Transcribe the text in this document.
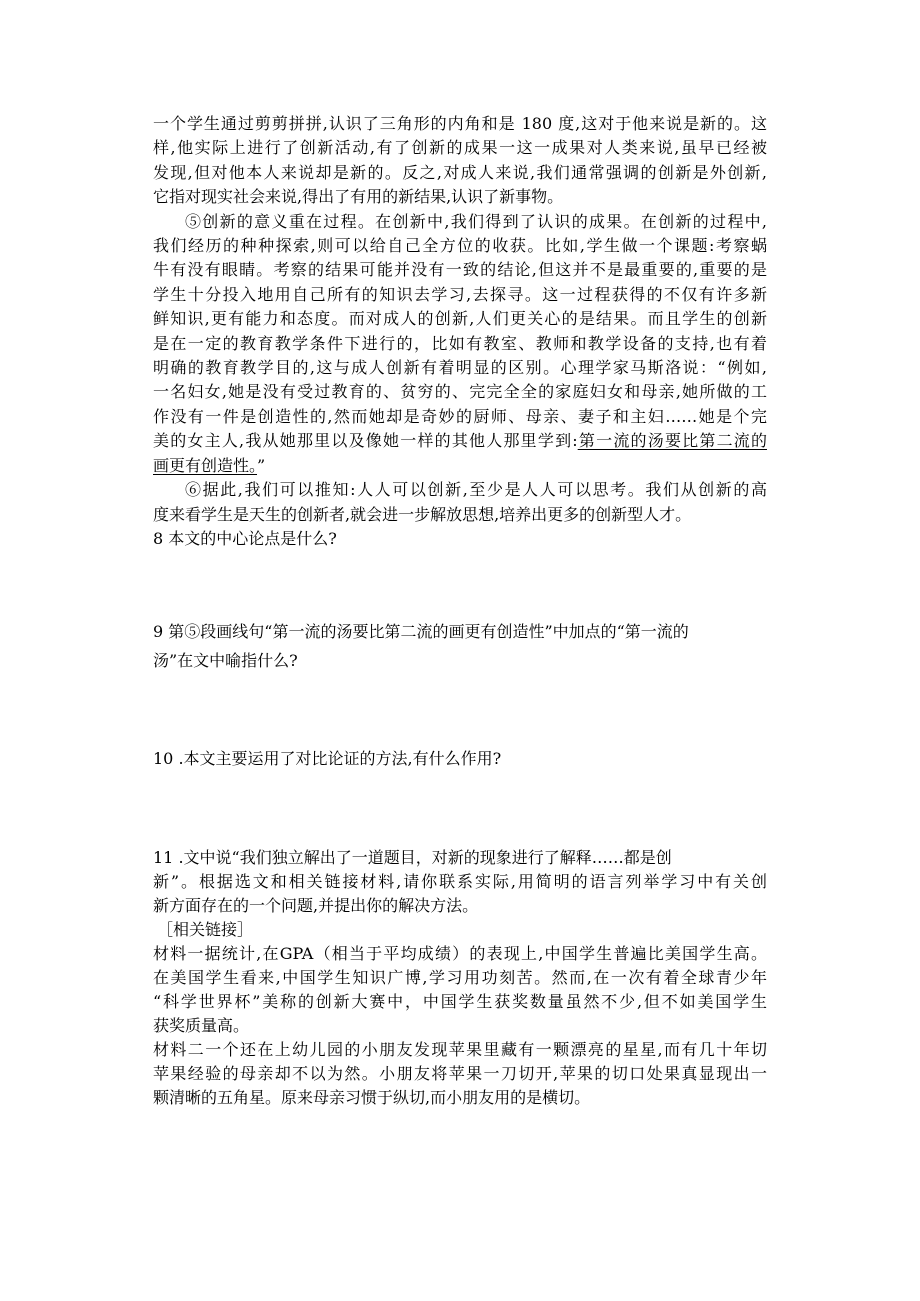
一个学生通过剪剪拼拼,认识了三角形的内角和是 180 度,这对于他来说是新的。这
样,他实际上进行了创新活动,有了创新的成果一这一成果对人类来说,虽早已经被
发现,但对他本人来说却是新的。反之,对成人来说,我们通常强调的创新是外创新,
它指对现实社会来说,得出了有用的新结果,认识了新事物。
⑤创新的意义重在过程。在创新中,我们得到了认识的成果。在创新的过程中,
我们经历的种种探索,则可以给自己全方位的收获。比如,学生做一个课题:考察蜗
牛有没有眼睛。考察的结果可能并没有一致的结论,但这并不是最重要的,重要的是
学生十分投入地用自己所有的知识去学习,去探寻。这一过程获得的不仅有许多新
鲜知识,更有能力和态度。而对成人的创新,人们更关心的是结果。而且学生的创新
是在一定的教育教学条件下进行的，比如有教室、教师和教学设备的支持,也有着
明确的教育教学目的,这与成人创新有着明显的区别。心理学家马斯洛说：“例如,
一名妇女,她是没有受过教育的、贫穷的、完完全全的家庭妇女和母亲,她所做的工
作没有一件是创造性的,然而她却是奇妙的厨师、母亲、妻子和主妇……她是个完
美的女主人,我从她那里以及像她一样的其他人那里学到:第一流的汤要比第二流的
画更有创造性。”
⑥据此,我们可以推知:人人可以创新,至少是人人可以思考。我们从创新的高
度来看学生是天生的创新者,就会进一步解放思想,培养出更多的创新型人才。
8 本文的中心论点是什么?
9 第⑤段画线句“第一流的汤要比第二流的画更有创造性”中加点的“第一流的
汤”在文中喻指什么?
10 .本文主要运用了对比论证的方法,有什么作用?
11 .文中说“我们独立解出了一道题目，对新的现象进行了解释……都是创
新”。根据选文和相关链接材料,请你联系实际,用简明的语言列举学习中有关创
新方面存在的一个问题,并提出你的解决方法。
［相关链接］
材料一据统计,在GPA（相当于平均成绩）的表现上,中国学生普遍比美国学生高。
在美国学生看来,中国学生知识广博,学习用功刻苦。然而,在一次有着全球青少年
“科学世界杯”美称的创新大赛中，中国学生获奖数量虽然不少,但不如美国学生
获奖质量高。
材料二一个还在上幼儿园的小朋友发现苹果里藏有一颗漂亮的星星,而有几十年切
苹果经验的母亲却不以为然。小朋友将苹果一刀切开,苹果的切口处果真显现出一
颗清晰的五角星。原来母亲习惯于纵切,而小朋友用的是横切。
